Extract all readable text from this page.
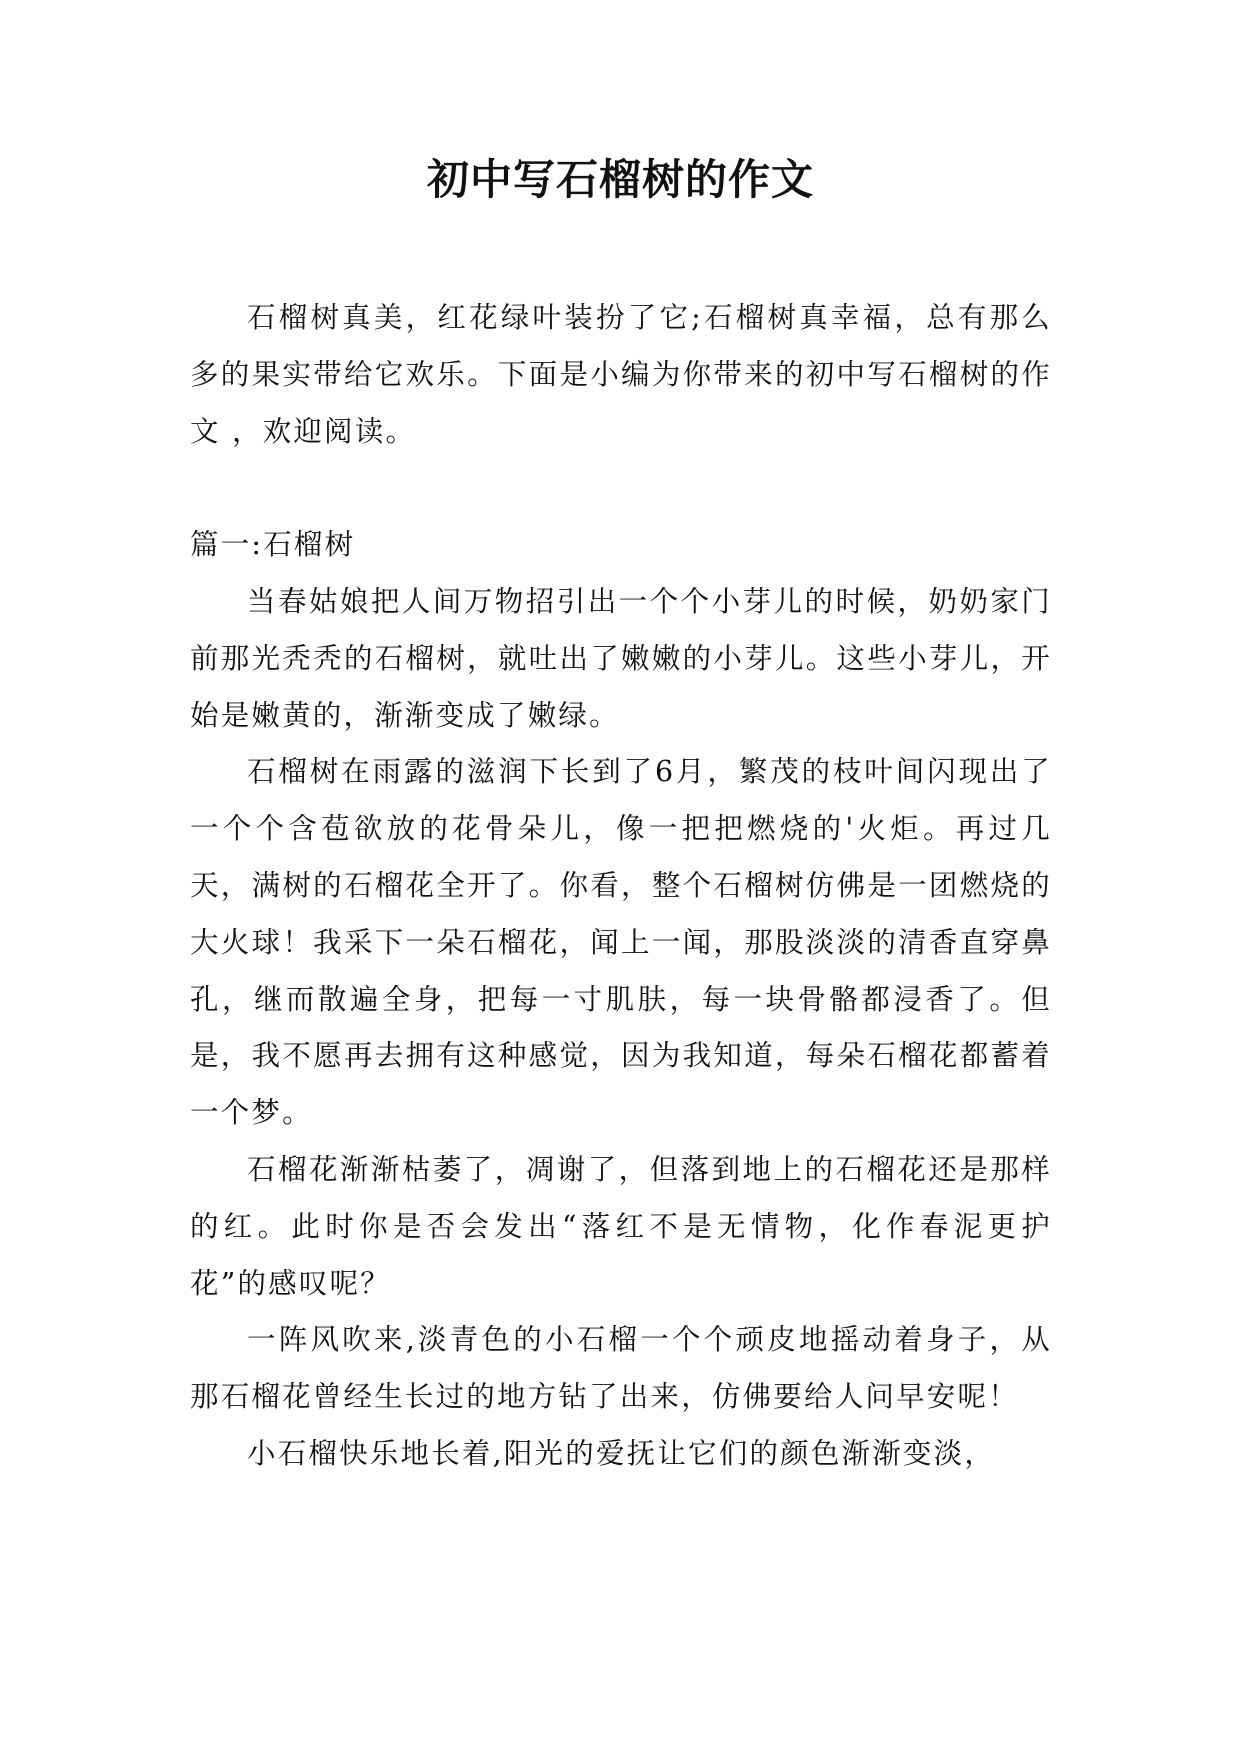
初中写石榴树的作文

石榴树真美，红花绿叶装扮了它;石榴树真幸福，总有那么多的果实带给它欢乐。下面是小编为你带来的初中写石榴树的作文 ，欢迎阅读。

篇一:石榴树

当春姑娘把人间万物招引出一个个小芽儿的时候，奶奶家门前那光秃秃的石榴树，就吐出了嫩嫩的小芽儿。这些小芽儿，开始是嫩黄的，渐渐变成了嫩绿。

石榴树在雨露的滋润下长到了6月，繁茂的枝叶间闪现出了一个个含苞欲放的花骨朵儿，像一把把燃烧的'火炬。再过几天，满树的石榴花全开了。你看，整个石榴树仿佛是一团燃烧的大火球！我采下一朵石榴花，闻上一闻，那股淡淡的清香直穿鼻孔，继而散遍全身，把每一寸肌肤，每一块骨骼都浸香了。但是，我不愿再去拥有这种感觉，因为我知道，每朵石榴花都蓄着一个梦。

石榴花渐渐枯萎了，凋谢了，但落到地上的石榴花还是那样的红。此时你是否会发出“落红不是无情物，化作春泥更护花”的感叹呢？

一阵风吹来,淡青色的小石榴一个个顽皮地摇动着身子，从那石榴花曾经生长过的地方钻了出来，仿佛要给人问早安呢！

小石榴快乐地长着,阳光的爱抚让它们的颜色渐渐变淡，
